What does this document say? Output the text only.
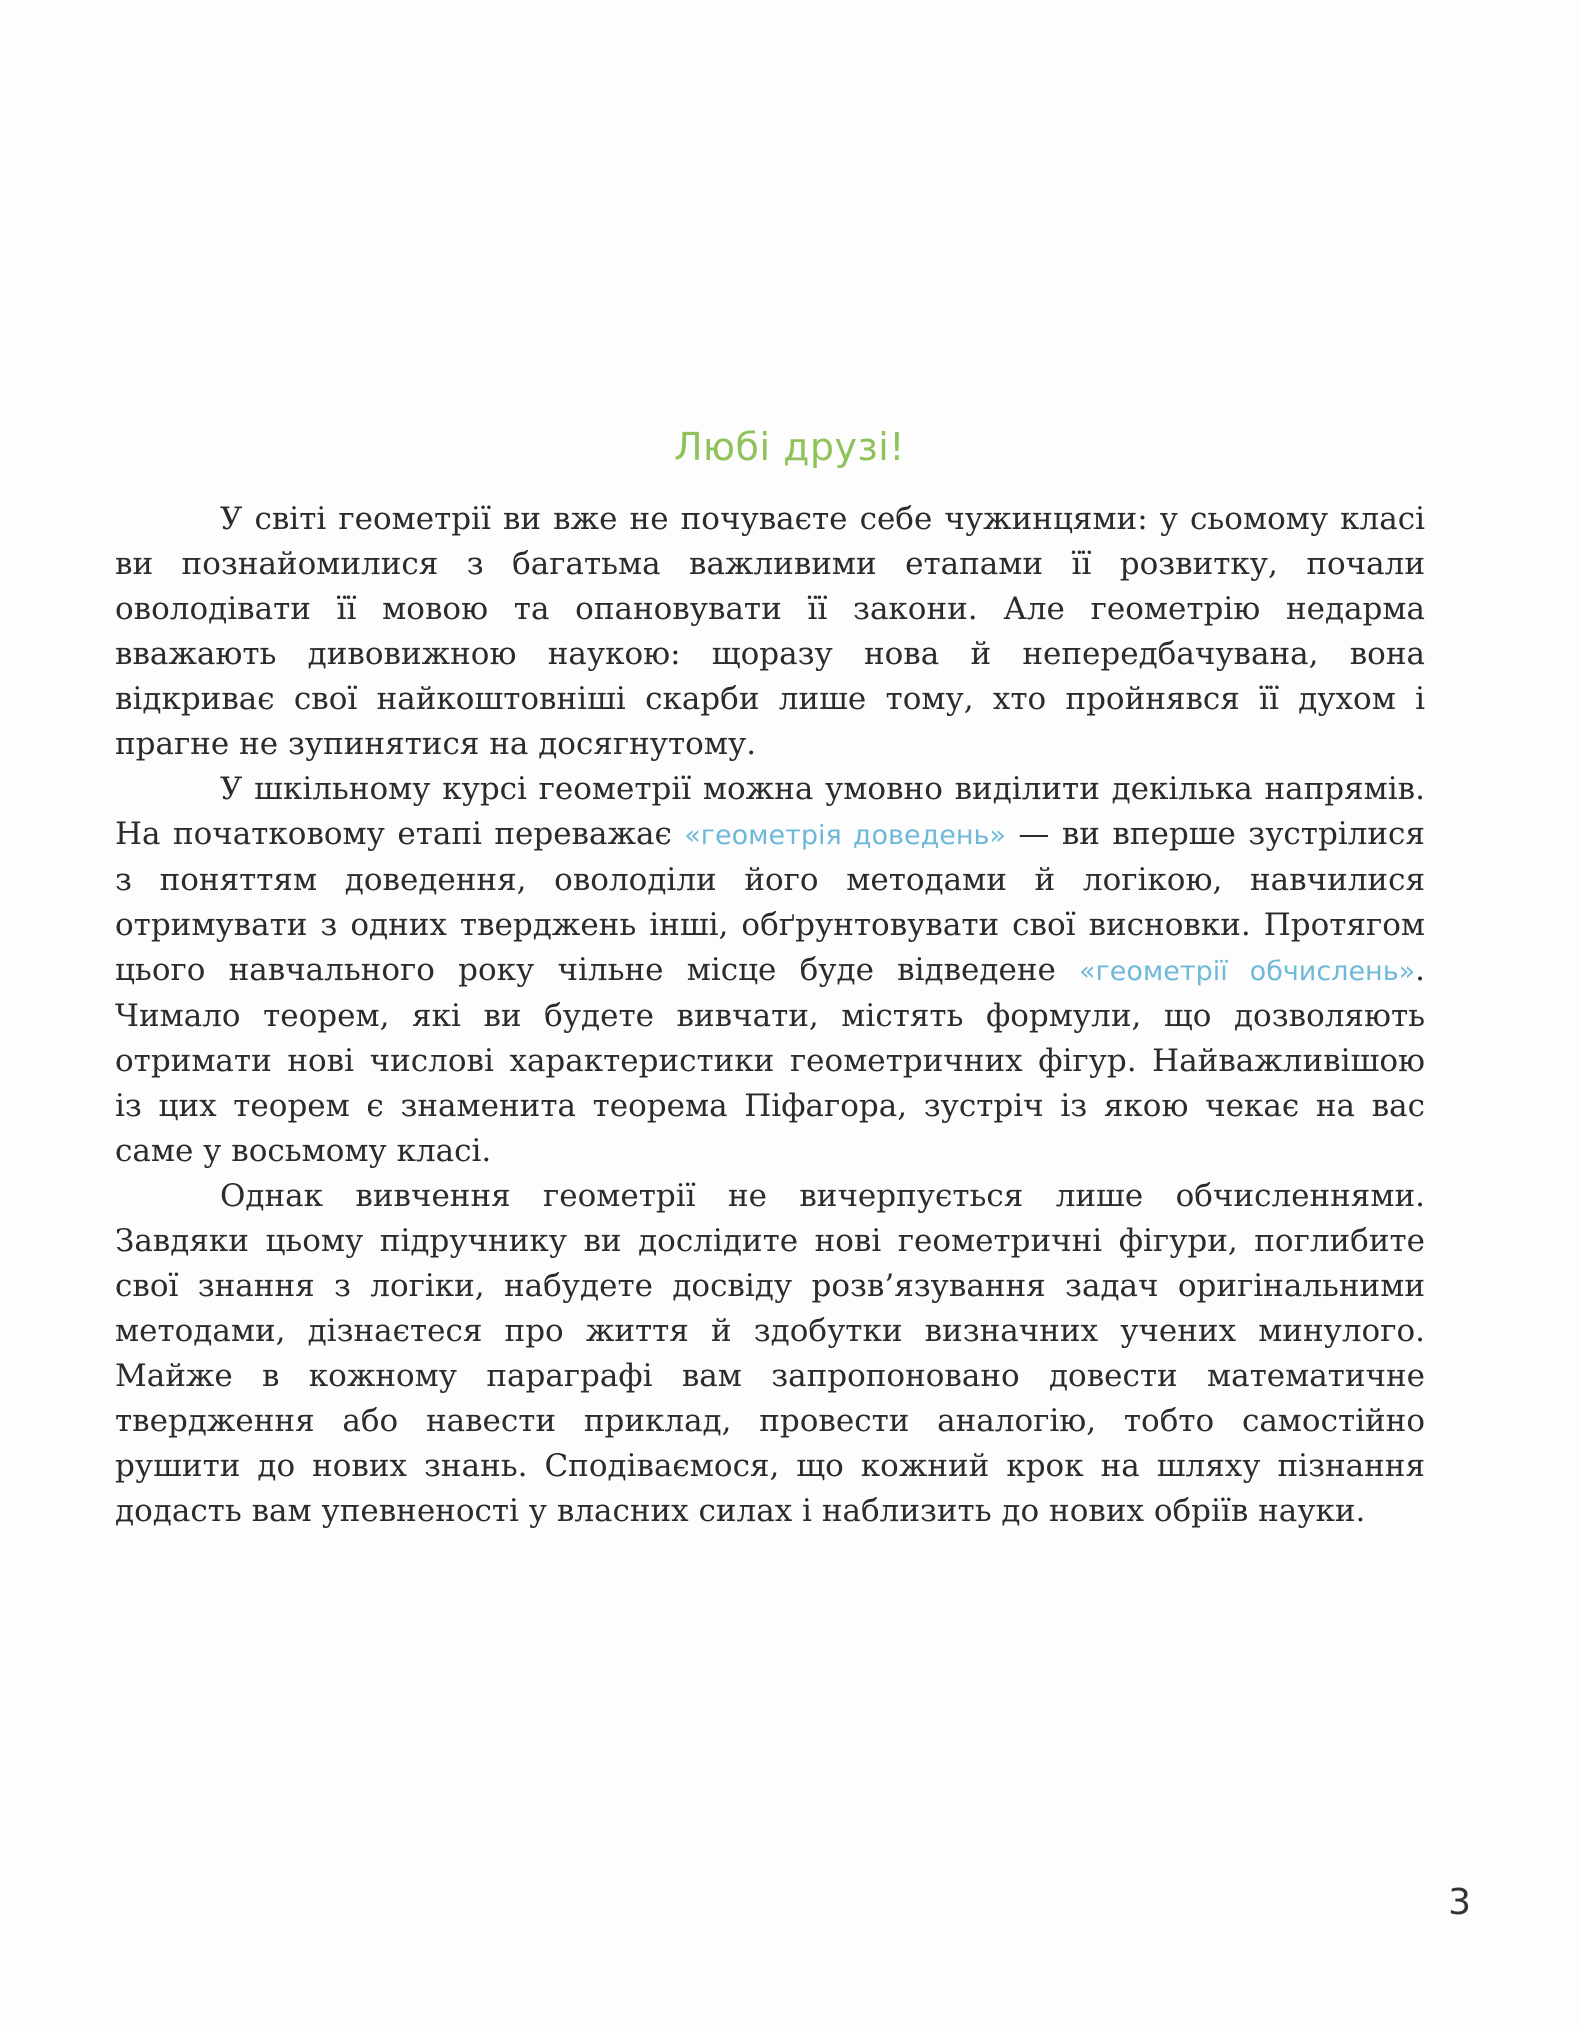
Любі друзі!

У світі геометрії ви вже не почуваєте себе чужинцями: у сьомому класі ви познайомилися з багатьма важливими етапами її розвитку, почали оволодівати її мовою та опановувати її закони. Але геометрію недарма вважають дивовижною наукою: щоразу нова й непередбачувана, вона відкриває свої найкоштовніші скарби лише тому, хто пройнявся її духом і прагне не зупинятися на досягнутому.

У шкільному курсі геометрії можна умовно виділити декілька напрямів. На початковому етапі переважає «геометрія доведень» — ви вперше зустрілися з поняттям доведення, оволоділи його методами й логікою, навчилися отримувати з одних тверджень інші, обґрунтовувати свої висновки. Протягом цього навчального року чільне місце буде відведене «геометрії обчислень». Чимало теорем, які ви будете вивчати, містять формули, що дозволяють отримати нові числові характеристики геометричних фігур. Найважливішою із цих теорем є знаменита теорема Піфагора, зустріч із якою чекає на вас саме у восьмому класі.

Однак вивчення геометрії не вичерпується лише обчисленнями. Завдяки цьому підручнику ви дослідите нові геометричні фігури, поглибите свої знання з логіки, набудете досвіду розв’язування задач оригінальними методами, дізнаєтеся про життя й здобутки визначних учених минулого. Майже в кожному параграфі вам запропоновано довести математичне твердження або навести приклад, провести аналогію, тобто самостійно рушити до нових знань. Сподіваємося, що кожний крок на шляху пізнання додасть вам упевненості у власних силах і наблизить до нових обріїв науки.

3
